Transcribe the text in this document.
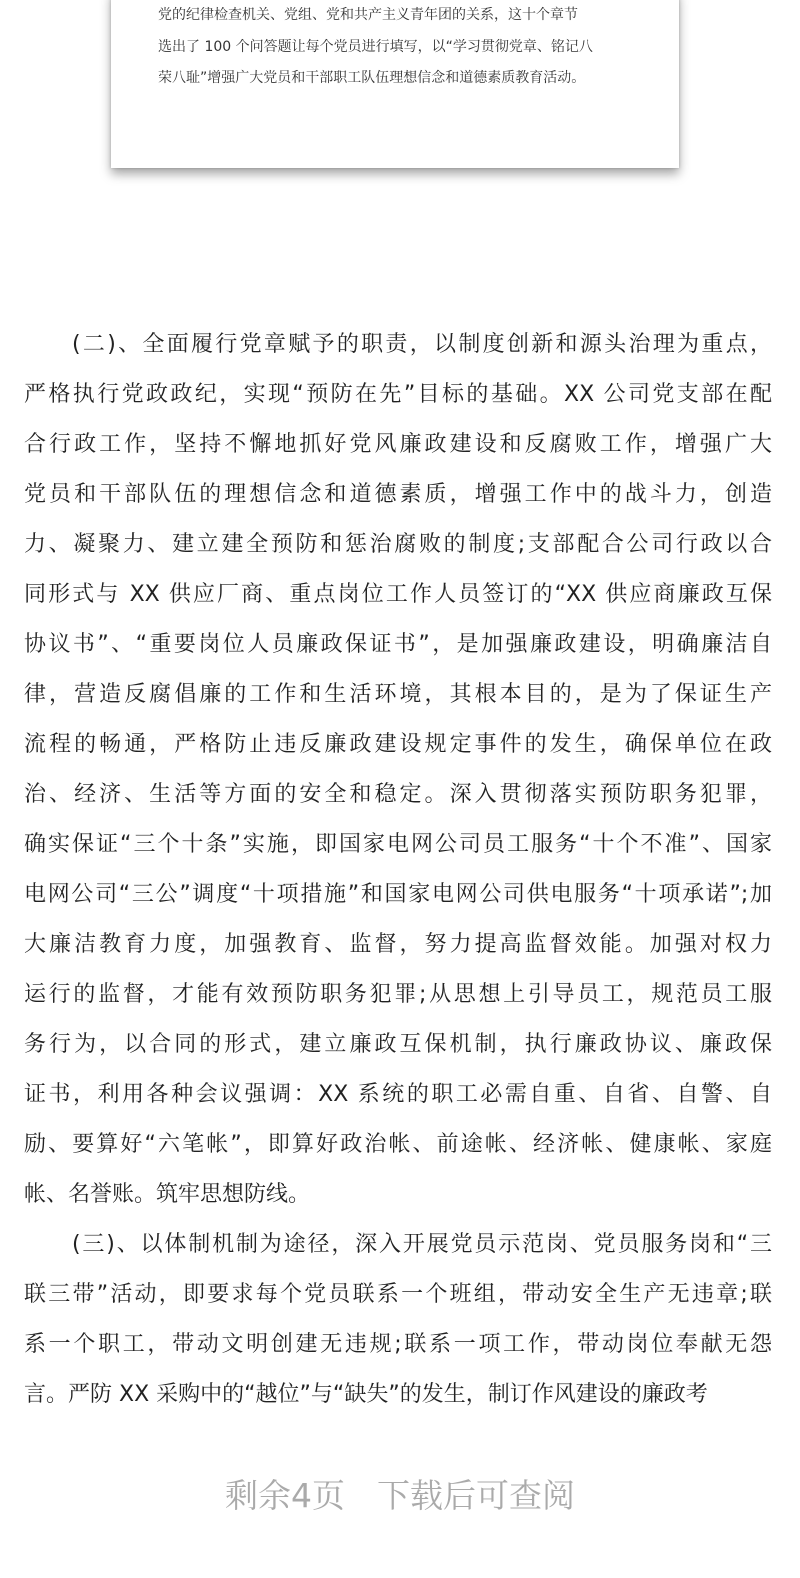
党的纪律检查机关、党组、党和共产主义青年团的关系，这十个章节
选出了 100 个问答题让每个党员进行填写，以“学习贯彻党章、铭记八
荣八耻”增强广大党员和干部职工队伍理想信念和道德素质教育活动。
(二)、全面履行党章赋予的职责，以制度创新和源头治理为重点，
严格执行党政政纪，实现“预防在先”目标的基础。XX 公司党支部在配
合行政工作，坚持不懈地抓好党风廉政建设和反腐败工作，增强广大
党员和干部队伍的理想信念和道德素质，增强工作中的战斗力，创造
力、凝聚力、建立建全预防和惩治腐败的制度;支部配合公司行政以合
同形式与 XX 供应厂商、重点岗位工作人员签订的“XX 供应商廉政互保
协议书”、“重要岗位人员廉政保证书”，是加强廉政建设，明确廉洁自
律，营造反腐倡廉的工作和生活环境，其根本目的，是为了保证生产
流程的畅通，严格防止违反廉政建设规定事件的发生，确保单位在政
治、经济、生活等方面的安全和稳定。深入贯彻落实预防职务犯罪，
确实保证“三个十条”实施，即国家电网公司员工服务“十个不准”、国家
电网公司“三公”调度“十项措施”和国家电网公司供电服务“十项承诺”;加
大廉洁教育力度，加强教育、监督，努力提高监督效能。加强对权力
运行的监督，才能有效预防职务犯罪;从思想上引导员工，规范员工服
务行为，以合同的形式，建立廉政互保机制，执行廉政协议、廉政保
证书，利用各种会议强调：XX 系统的职工必需自重、自省、自警、自
励、要算好“六笔帐”，即算好政治帐、前途帐、经济帐、健康帐、家庭
帐、名誉账。筑牢思想防线。
(三)、以体制机制为途径，深入开展党员示范岗、党员服务岗和“三
联三带”活动，即要求每个党员联系一个班组，带动安全生产无违章;联
系一个职工，带动文明创建无违规;联系一项工作，带动岗位奉献无怨
言。严防 XX 采购中的“越位”与“缺失”的发生，制订作风建设的廉政考
剩余4页 下载后可查阅
